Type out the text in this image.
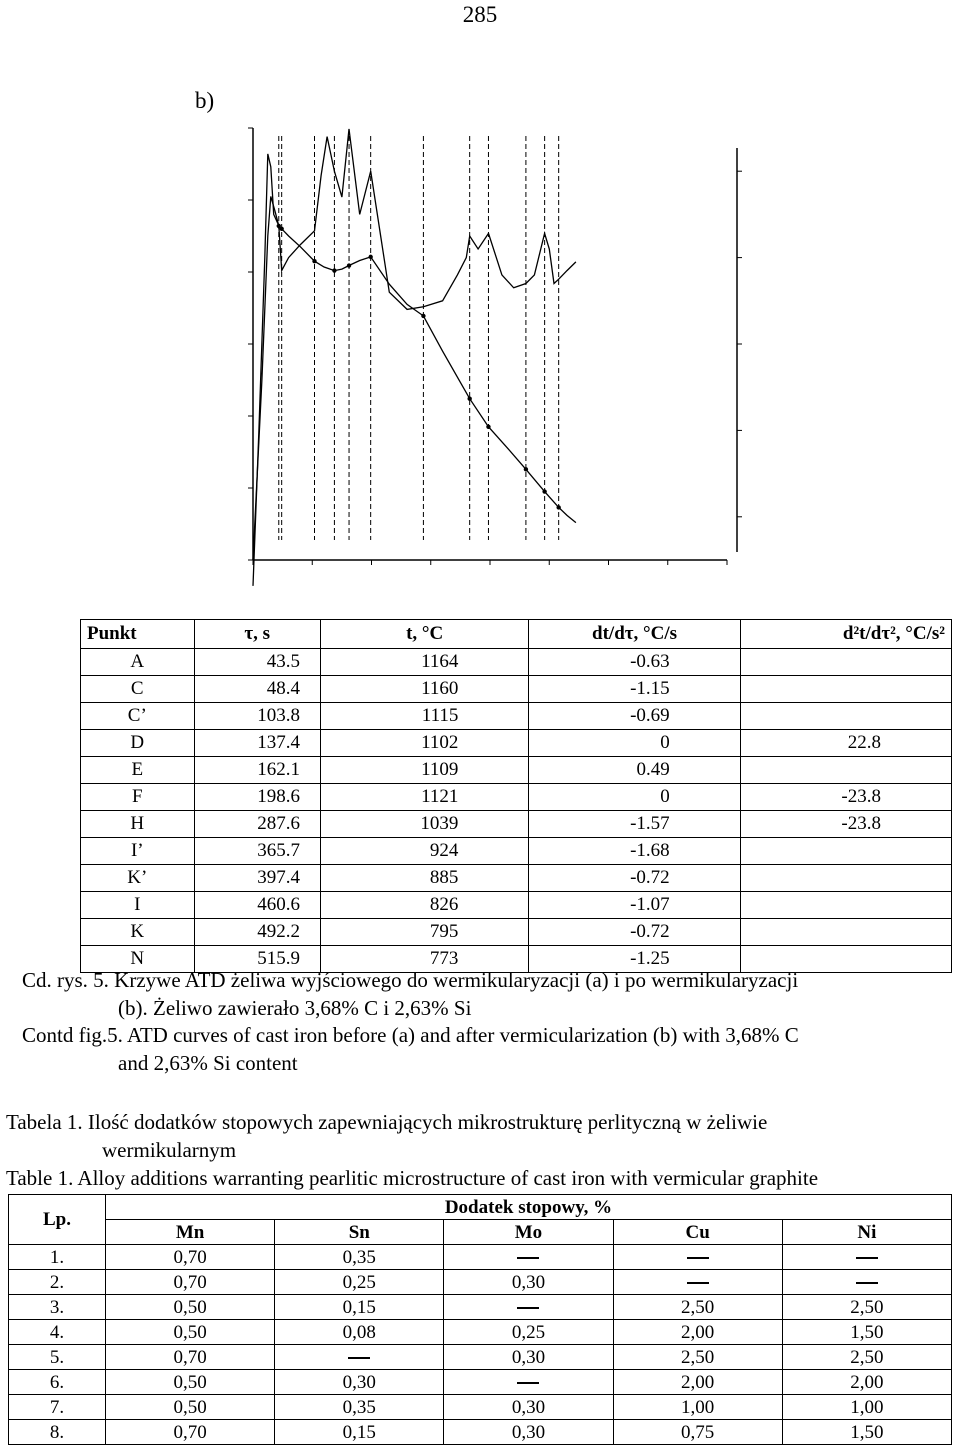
285
b)
Punkt	τ, s	t, °C	dt/dτ, °C/s	d²t/dτ², °C/s²
A	43.5	1164	-0.63	
C	48.4	1160	-1.15	
C’	103.8	1115	-0.69	
D	137.4	1102	0	22.8
E	162.1	1109	0.49	
F	198.6	1121	0	-23.8
H	287.6	1039	-1.57	-23.8
I’	365.7	924	-1.68	
K’	397.4	885	-0.72	
I	460.6	826	-1.07	
K	492.2	795	-0.72	
N	515.9	773	-1.25	
Cd. rys. 5. Krzywe ATD żeliwa wyjściowego do wermikularyzacji (a) i po wermikularyzacji
(b). Żeliwo zawierało 3,68% C i 2,63% Si
Contd fig.5. ATD curves of cast iron before (a) and after vermicularization (b) with 3,68% C
and 2,63% Si content
Tabela 1. Ilość dodatków stopowych zapewniających mikrostrukturę perlityczną w żeliwie
wermikularnym
Table 1. Alloy additions warranting pearlitic microstructure of cast iron with vermicular graphite
Lp.	Dodatek stopowy, %				
	Mn	Sn	Mo	Cu	Ni
1.	0,70	0,35			
2.	0,70	0,25	0,30		
3.	0,50	0,15		2,50	2,50
4.	0,50	0,08	0,25	2,00	1,50
5.	0,70		0,30	2,50	2,50
6.	0,50	0,30		2,00	2,00
7.	0,50	0,35	0,30	1,00	1,00
8.	0,70	0,15	0,30	0,75	1,50
